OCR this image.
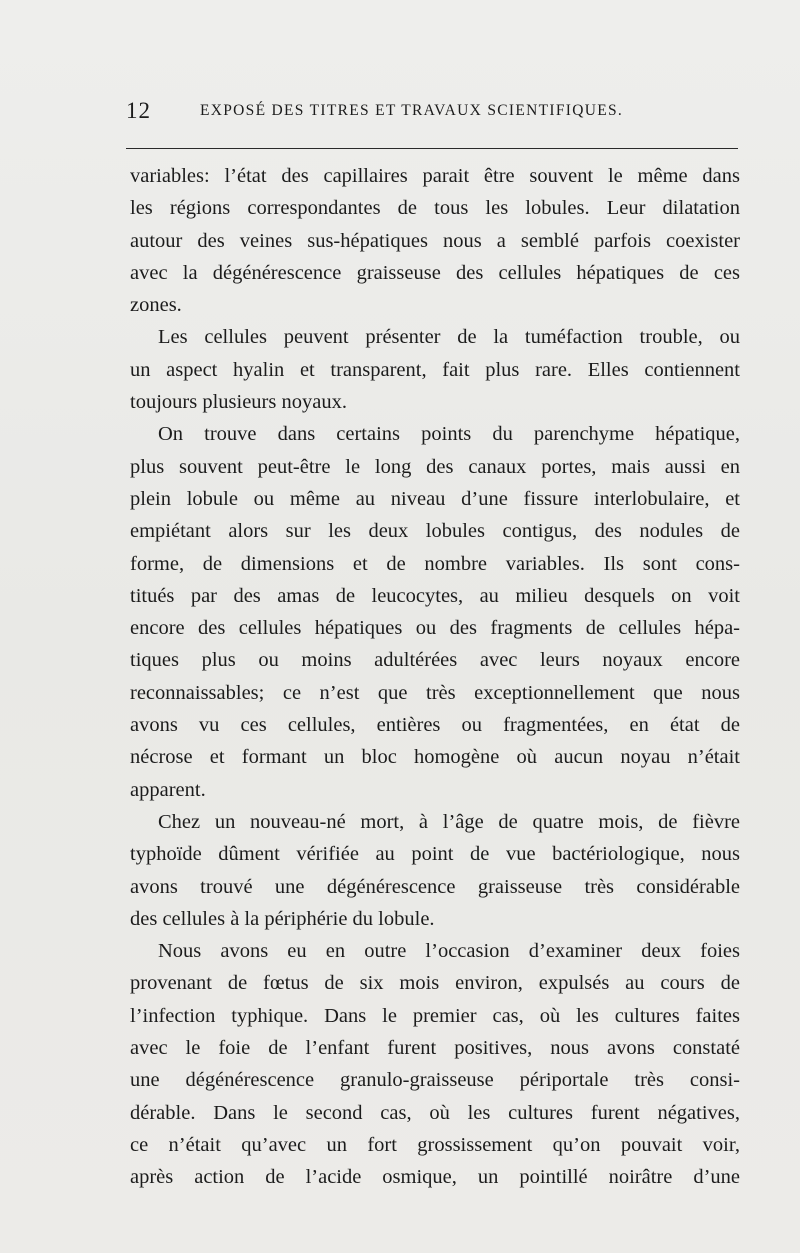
12	EXPOSÉ DES TITRES ET TRAVAUX SCIENTIFIQUES.
variables: l’état des capillaires parait être souvent le même dans
les régions correspondantes de tous les lobules. Leur dilatation
autour des veines sus-hépatiques nous a semblé parfois coexister
avec la dégénérescence graisseuse des cellules hépatiques de ces
zones.
Les cellules peuvent présenter de la tuméfaction trouble, ou
un aspect hyalin et transparent, fait plus rare. Elles contiennent
toujours plusieurs noyaux.
On trouve dans certains points du parenchyme hépatique,
plus souvent peut-être le long des canaux portes, mais aussi en
plein lobule ou même au niveau d’une fissure interlobulaire, et
empiétant alors sur les deux lobules contigus, des nodules de
forme, de dimensions et de nombre variables. Ils sont cons-
titués par des amas de leucocytes, au milieu desquels on voit
encore des cellules hépatiques ou des fragments de cellules hépa-
tiques plus ou moins adultérées avec leurs noyaux encore
reconnaissables; ce n’est que très exceptionnellement que nous
avons vu ces cellules, entières ou fragmentées, en état de
nécrose et formant un bloc homogène où aucun noyau n’était
apparent.
Chez un nouveau-né mort, à l’âge de quatre mois, de fièvre
typhoïde dûment vérifiée au point de vue bactériologique, nous
avons trouvé une dégénérescence graisseuse très considérable
des cellules à la périphérie du lobule.
Nous avons eu en outre l’occasion d’examiner deux foies
provenant de fœtus de six mois environ, expulsés au cours de
l’infection typhique. Dans le premier cas, où les cultures faites
avec le foie de l’enfant furent positives, nous avons constaté
une dégénérescence granulo-graisseuse périportale très consi-
dérable. Dans le second cas, où les cultures furent négatives,
ce n’était qu’avec un fort grossissement qu’on pouvait voir,
après action de l’acide osmique, un pointillé noirâtre d’une
